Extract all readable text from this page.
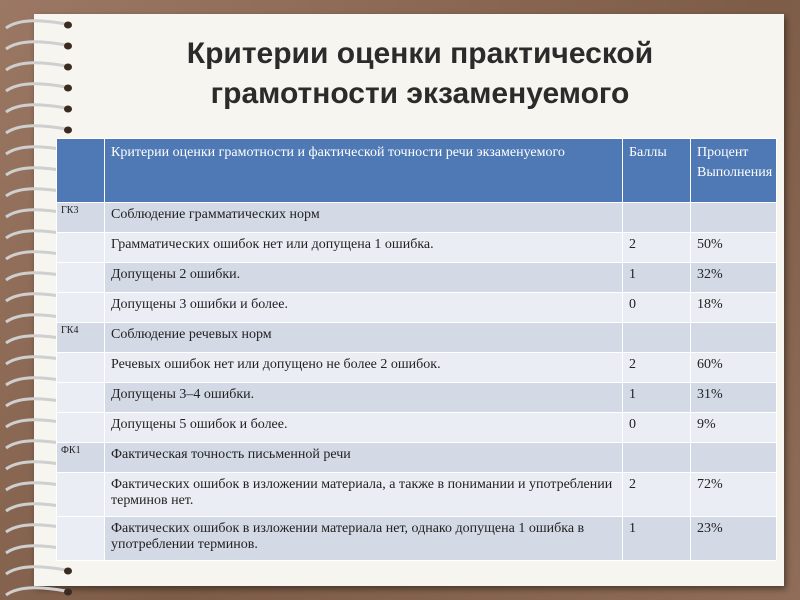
Критерии оценки практической
грамотности экзаменуемого
	Критерии оценки грамотности и фактической точности речи экзаменуемого	Баллы	Процент Выполнения
ГК3	Соблюдение грамматических норм		
	Грамматических ошибок нет или допущена 1 ошибка.	2	50%
	Допущены 2 ошибки.	1	32%
	Допущены 3 ошибки и более.	0	18%
ГК4	Соблюдение речевых норм		
	Речевых ошибок нет или допущено не более 2 ошибок.	2	60%
	Допущены 3–4 ошибки.	1	31%
	Допущены 5 ошибок и более.	0	9%
ФК1	Фактическая точность письменной речи		
	Фактических ошибок в изложении материала, а также в понимании и употреблении терминов нет.	2	72%
	Фактических ошибок в изложении материала нет, однако допущена 1 ошибка в употреблении терминов.	1	23%
